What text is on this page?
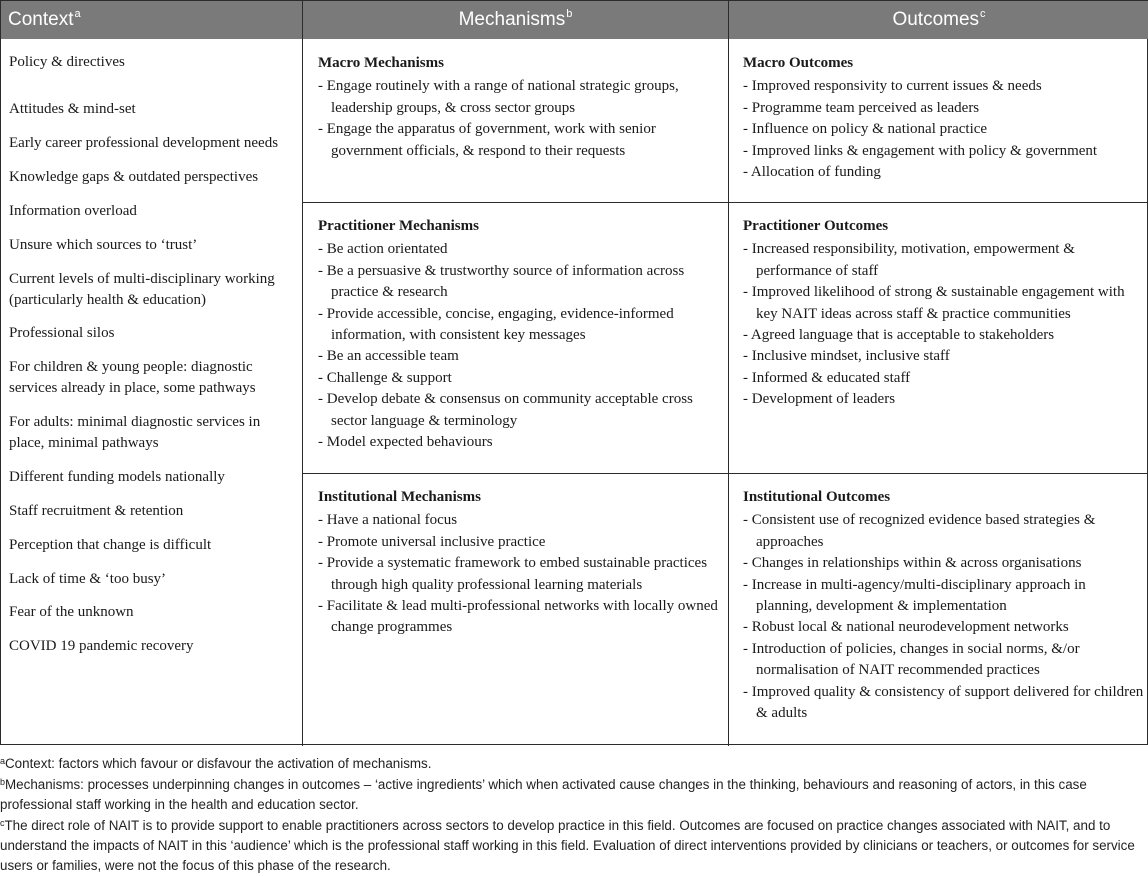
Context$^a$	Mechanisms$^b$	Outcomes$^c$
Policy & directives
Attitudes & mind-set
Early career professional development needs
Knowledge gaps & outdated perspectives
Information overload
Unsure which sources to ‘trust’
Current levels of multi-disciplinary working (particularly health & education)
Professional silos
For children & young people: diagnostic services already in place, some pathways
For adults: minimal diagnostic services in place, minimal pathways
Different funding models nationally
Staff recruitment & retention
Perception that change is difficult
Lack of time & ‘too busy’
Fear of the unknown
COVID 19 pandemic recovery
Macro Mechanisms
- Engage routinely with a range of national strategic groups, leadership groups, & cross sector groups
- Engage the apparatus of government, work with senior government officials, & respond to their requests
Macro Outcomes
- Improved responsivity to current issues & needs
- Programme team perceived as leaders
- Influence on policy & national practice
- Improved links & engagement with policy & government
- Allocation of funding
Practitioner Mechanisms
- Be action orientated
- Be a persuasive & trustworthy source of information across practice & research
- Provide accessible, concise, engaging, evidence-informed information, with consistent key messages
- Be an accessible team
- Challenge & support
- Develop debate & consensus on community acceptable cross sector language & terminology
- Model expected behaviours
Practitioner Outcomes
- Increased responsibility, motivation, empowerment & performance of staff
- Improved likelihood of strong & sustainable engagement with key NAIT ideas across staff & practice communities
- Agreed language that is acceptable to stakeholders
- Inclusive mindset, inclusive staff
- Informed & educated staff
- Development of leaders
Institutional Mechanisms
- Have a national focus
- Promote universal inclusive practice
- Provide a systematic framework to embed sustainable practices through high quality professional learning materials
- Facilitate & lead multi-professional networks with locally owned change programmes
Institutional Outcomes
- Consistent use of recognized evidence based strategies & approaches
- Changes in relationships within & across organisations
- Increase in multi-agency/multi-disciplinary approach in planning, development & implementation
- Robust local & national neurodevelopment networks
- Introduction of policies, changes in social norms, &/or normalisation of NAIT recommended practices
- Improved quality & consistency of support delivered for children & adults

$^a$Context: factors which favour or disfavour the activation of mechanisms.

$^b$Mechanisms: processes underpinning changes in outcomes – ‘active ingredients’ which when activated cause changes in the thinking, behaviours and reasoning of actors, in this case professional staff working in the health and education sector.

$^c$The direct role of NAIT is to provide support to enable practitioners across sectors to develop practice in this field. Outcomes are focused on practice changes associated with NAIT, and to understand the impacts of NAIT in this ‘audience’ which is the professional staff working in this field. Evaluation of direct interventions provided by clinicians or teachers, or outcomes for service users or families, were not the focus of this phase of the research.
